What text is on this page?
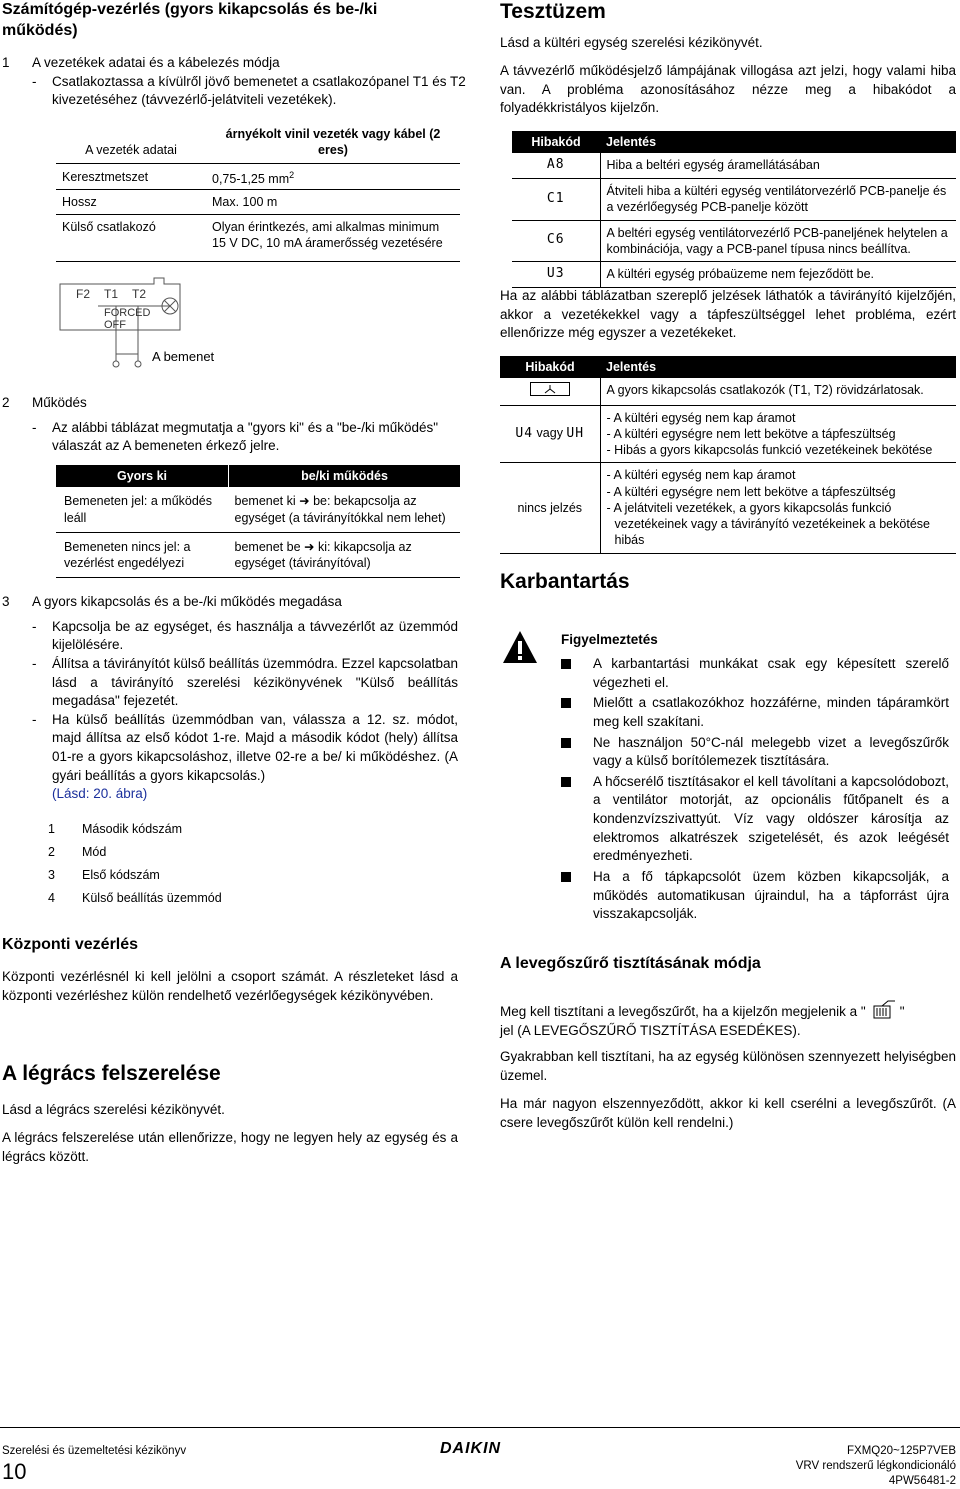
Számítógép-vezérlés (gyors kikapcsolás és be-/ki működés)
1	A vezetékek adatai és a kábelezés módja
- Csatlakoztassa a kívülről jövő bemenetet a csatlakozópanel T1 és T2 kivezetéséhez (távvezérlő-jelátviteli vezetékek).
A vezeték adatai	árnyékolt vinil vezeték vagy kábel (2 eres)
Keresztmetszet	0,75-1,25 $mm^2$
Hossz	Max. 100 m
Külső csatlakozó	Olyan érintkezés, ami alkalmas minimum 15 V DC, 10 mA áramerősség vezetésére
F2 T1 T2
FORCED
OFF
A bemenet
2	Működés
- Az alábbi táblázat megmutatja a "gyors ki" és a "be-/ki működés" válaszát az A bemeneten érkező jelre.
Gyors ki	be/ki működés
Bemeneten jel: a működés leáll	bemenet ki ➜ be: bekapcsolja az egységet (a távirányítókkal nem lehet)
Bemeneten nincs jel: a vezérlést engedélyezi	bemenet be ➜ ki: kikapcsolja az egységet (távirányítóval)
3	A gyors kikapcsolás és a be-/ki működés megadása
- Kapcsolja be az egységet, és használja a távvezérlőt az üzemmód kijelölésére.
- Állítsa a távirányítót külső beállítás üzemmódra. Ezzel kapcsolatban lásd a távirányító szerelési kézikönyvének "Külső beállítás megadása" fejezetét.
- Ha külső beállítás üzemmódban van, válassza a 12. sz. módot, majd állítsa az első kódot 1-re. Majd a második kódot (hely) állítsa 01-re a gyors kikapcsoláshoz, illetve 02-re a be/ ki működéshez. (A gyári beállítás a gyors kikapcsolás.)
(Lásd: 20. ábra)
1 Második kódszám
2 Mód
3 Első kódszám
4 Külső beállítás üzemmód
Központi vezérlés
Központi vezérlésnél ki kell jelölni a csoport számát. A részleteket lásd a központi vezérléshez külön rendelhető vezérlőegységek kézikönyvében.
A légrács felszerelése
Lásd a légrács szerelési kézikönyvét.
A légrács felszerelése után ellenőrizze, hogy ne legyen hely az egység és a légrács között.
Tesztüzem
Lásd a kültéri egység szerelési kézikönyvét.
A távvezérlő működésjelző lámpájának villogása azt jelzi, hogy valami hiba van. A probléma azonosításához nézze meg a hibakódot a folyadékkristályos kijelzőn.
Hibakód	Jelentés
A8	Hiba a beltéri egység áramellátásában
C1	Átviteli hiba a kültéri egység ventilátorvezérlő PCB-panelje és a vezérlőegység PCB-panelje között
C6	A beltéri egység ventilátorvezérlő PCB-paneljének helytelen a kombinációja, vagy a PCB-panel típusa nincs beállítva.
U3	A kültéri egység próbaüzeme nem fejeződött be.
Ha az alábbi táblázatban szereplő jelzések láthatók a távirányító kijelzőjén, akkor a vezetékekkel vagy a tápfeszültséggel lehet probléma, ezért ellenőrizze még egyszer a vezetékeket.
Hibakód	Jelentés
	A gyors kikapcsolás csatlakozók (T1, T2) rövidzárlatosak.
U4 vagy UH	- A kültéri egység nem kap áramot
- A kültéri egységre nem lett bekötve a tápfeszültség
- Hibás a gyors kikapcsolás funkció vezetékeinek bekötése

nincs jelzés	- A kültéri egység nem kap áramot
- A kültéri egységre nem lett bekötve a tápfeszültség
- A jelátviteli vezetékek, a gyors kikapcsolás funkció vezetékeinek vagy a távirányító vezetékeinek a bekötése hibás
Karbantartás
Figyelmeztetés
A karbantartási munkákat csak egy képesített szerelő végezheti el.
Mielőtt a csatlakozókhoz hozzáférne, minden tápáramkört meg kell szakítani.
Ne használjon 50°C-nál melegebb vizet a levegőszűrők vagy a külső borítólemezek tisztítására.
A hőcserélő tisztításakor el kell távolítani a kapcsolódobozt, a ventilátor motorját, az opcionális fűtőpanelt és a kondenzvízszivattyút. Víz vagy oldószer károsítja az elektromos alkatrészek szigetelését, és azok leégését eredményezheti.
Ha a fő tápkapcsolót üzem közben kikapcsolják, a működés automatikusan újraindul, ha a tápforrást újra visszakapcsolják.
A levegőszűrő tisztításának módja
Meg kell tisztítani a levegőszűrőt, ha a kijelzőn megjelenik a "	"
jel (A LEVEGŐSZŰRŐ TISZTÍTÁSA ESEDÉKES).
Gyakrabban kell tisztítani, ha az egység különösen szennyezett helyiségben üzemel.
Ha már nagyon elszennyeződött, akkor ki kell cserélni a levegőszűrőt. (A csere levegőszűrőt külön kell rendelni.)
Szerelési és üzemeltetési kézikönyv
10
DAIKIN	FXMQ20~125P7VEB
VRV rendszerű légkondicionáló
4PW56481-2
